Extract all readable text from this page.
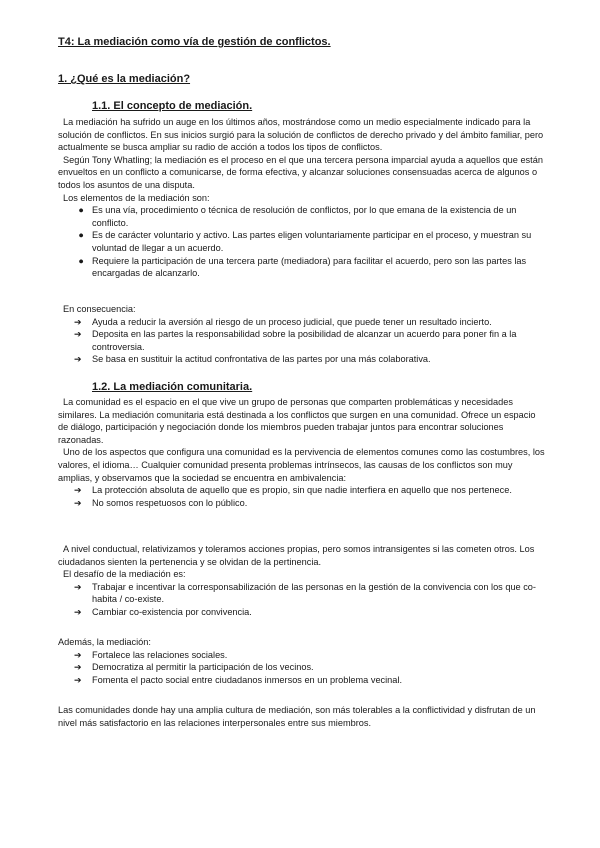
T4: La mediación como vía de gestión de conflictos.
1. ¿Qué es la mediación?
1.1. El concepto de mediación.

La mediación ha sufrido un auge en los últimos años, mostrándose como un medio especialmente indicado para la solución de conflictos. En sus inicios surgió para la solución de conflictos de derecho privado y del ámbito familiar, pero actualmente se busca ampliar su radio de acción a todos los tipos de conflictos.

Según Tony Whatling; la mediación es el proceso en el que una tercera persona imparcial ayuda a aquellos que están envueltos en un conflicto a comunicarse, de forma efectiva, y alcanzar soluciones consensuadas acerca de algunos o todos los asuntos de una disputa.

Los elementos de la mediación son:

● Es una vía, procedimiento o técnica de resolución de conflictos, por lo que emana de la existencia de un conflicto.
● Es de carácter voluntario y activo. Las partes eligen voluntariamente participar en el proceso, y muestran su voluntad de llegar a un acuerdo.
● Requiere la participación de una tercera parte (mediadora) para facilitar el acuerdo, pero son las partes las encargadas de alcanzarlo.

En consecuencia:

➔ Ayuda a reducir la aversión al riesgo de un proceso judicial, que puede tener un resultado incierto.
➔ Deposita en las partes la responsabilidad sobre la posibilidad de alcanzar un acuerdo para poner fin a la controversia.
➔ Se basa en sustituir la actitud confrontativa de las partes por una más colaborativa.
1.2. La mediación comunitaria.

La comunidad es el espacio en el que vive un grupo de personas que comparten problemáticas y necesidades similares. La mediación comunitaria está destinada a los conflictos que surgen en una comunidad. Ofrece un espacio de diálogo, participación y negociación donde los miembros pueden trabajar juntos para encontrar soluciones razonadas.

Uno de los aspectos que configura una comunidad es la pervivencia de elementos comunes como las costumbres, los valores, el idioma… Cualquier comunidad presenta problemas intrínsecos, las causas de los conflictos son muy amplias, y observamos que la sociedad se encuentra en ambivalencia:

➔ La protección absoluta de aquello que es propio, sin que nadie interfiera en aquello que nos pertenece.
➔ No somos respetuosos con lo público.

A nivel conductual, relativizamos y toleramos acciones propias, pero somos intransigentes si las cometen otros. Los ciudadanos sienten la pertenencia y se olvidan de la pertinencia.

El desafío de la mediación es:

➔ Trabajar e incentivar la corresponsabilización de las personas en la gestión de la convivencia con los que co-habita / co-existe.
➔ Cambiar co-existencia por convivencia.

Además, la mediación:

➔ Fortalece las relaciones sociales.
➔ Democratiza al permitir la participación de los vecinos.
➔ Fomenta el pacto social entre ciudadanos inmersos en un problema vecinal.

Las comunidades donde hay una amplia cultura de mediación, son más tolerables a la conflictividad y disfrutan de un nivel más satisfactorio en las relaciones interpersonales entre sus miembros.
